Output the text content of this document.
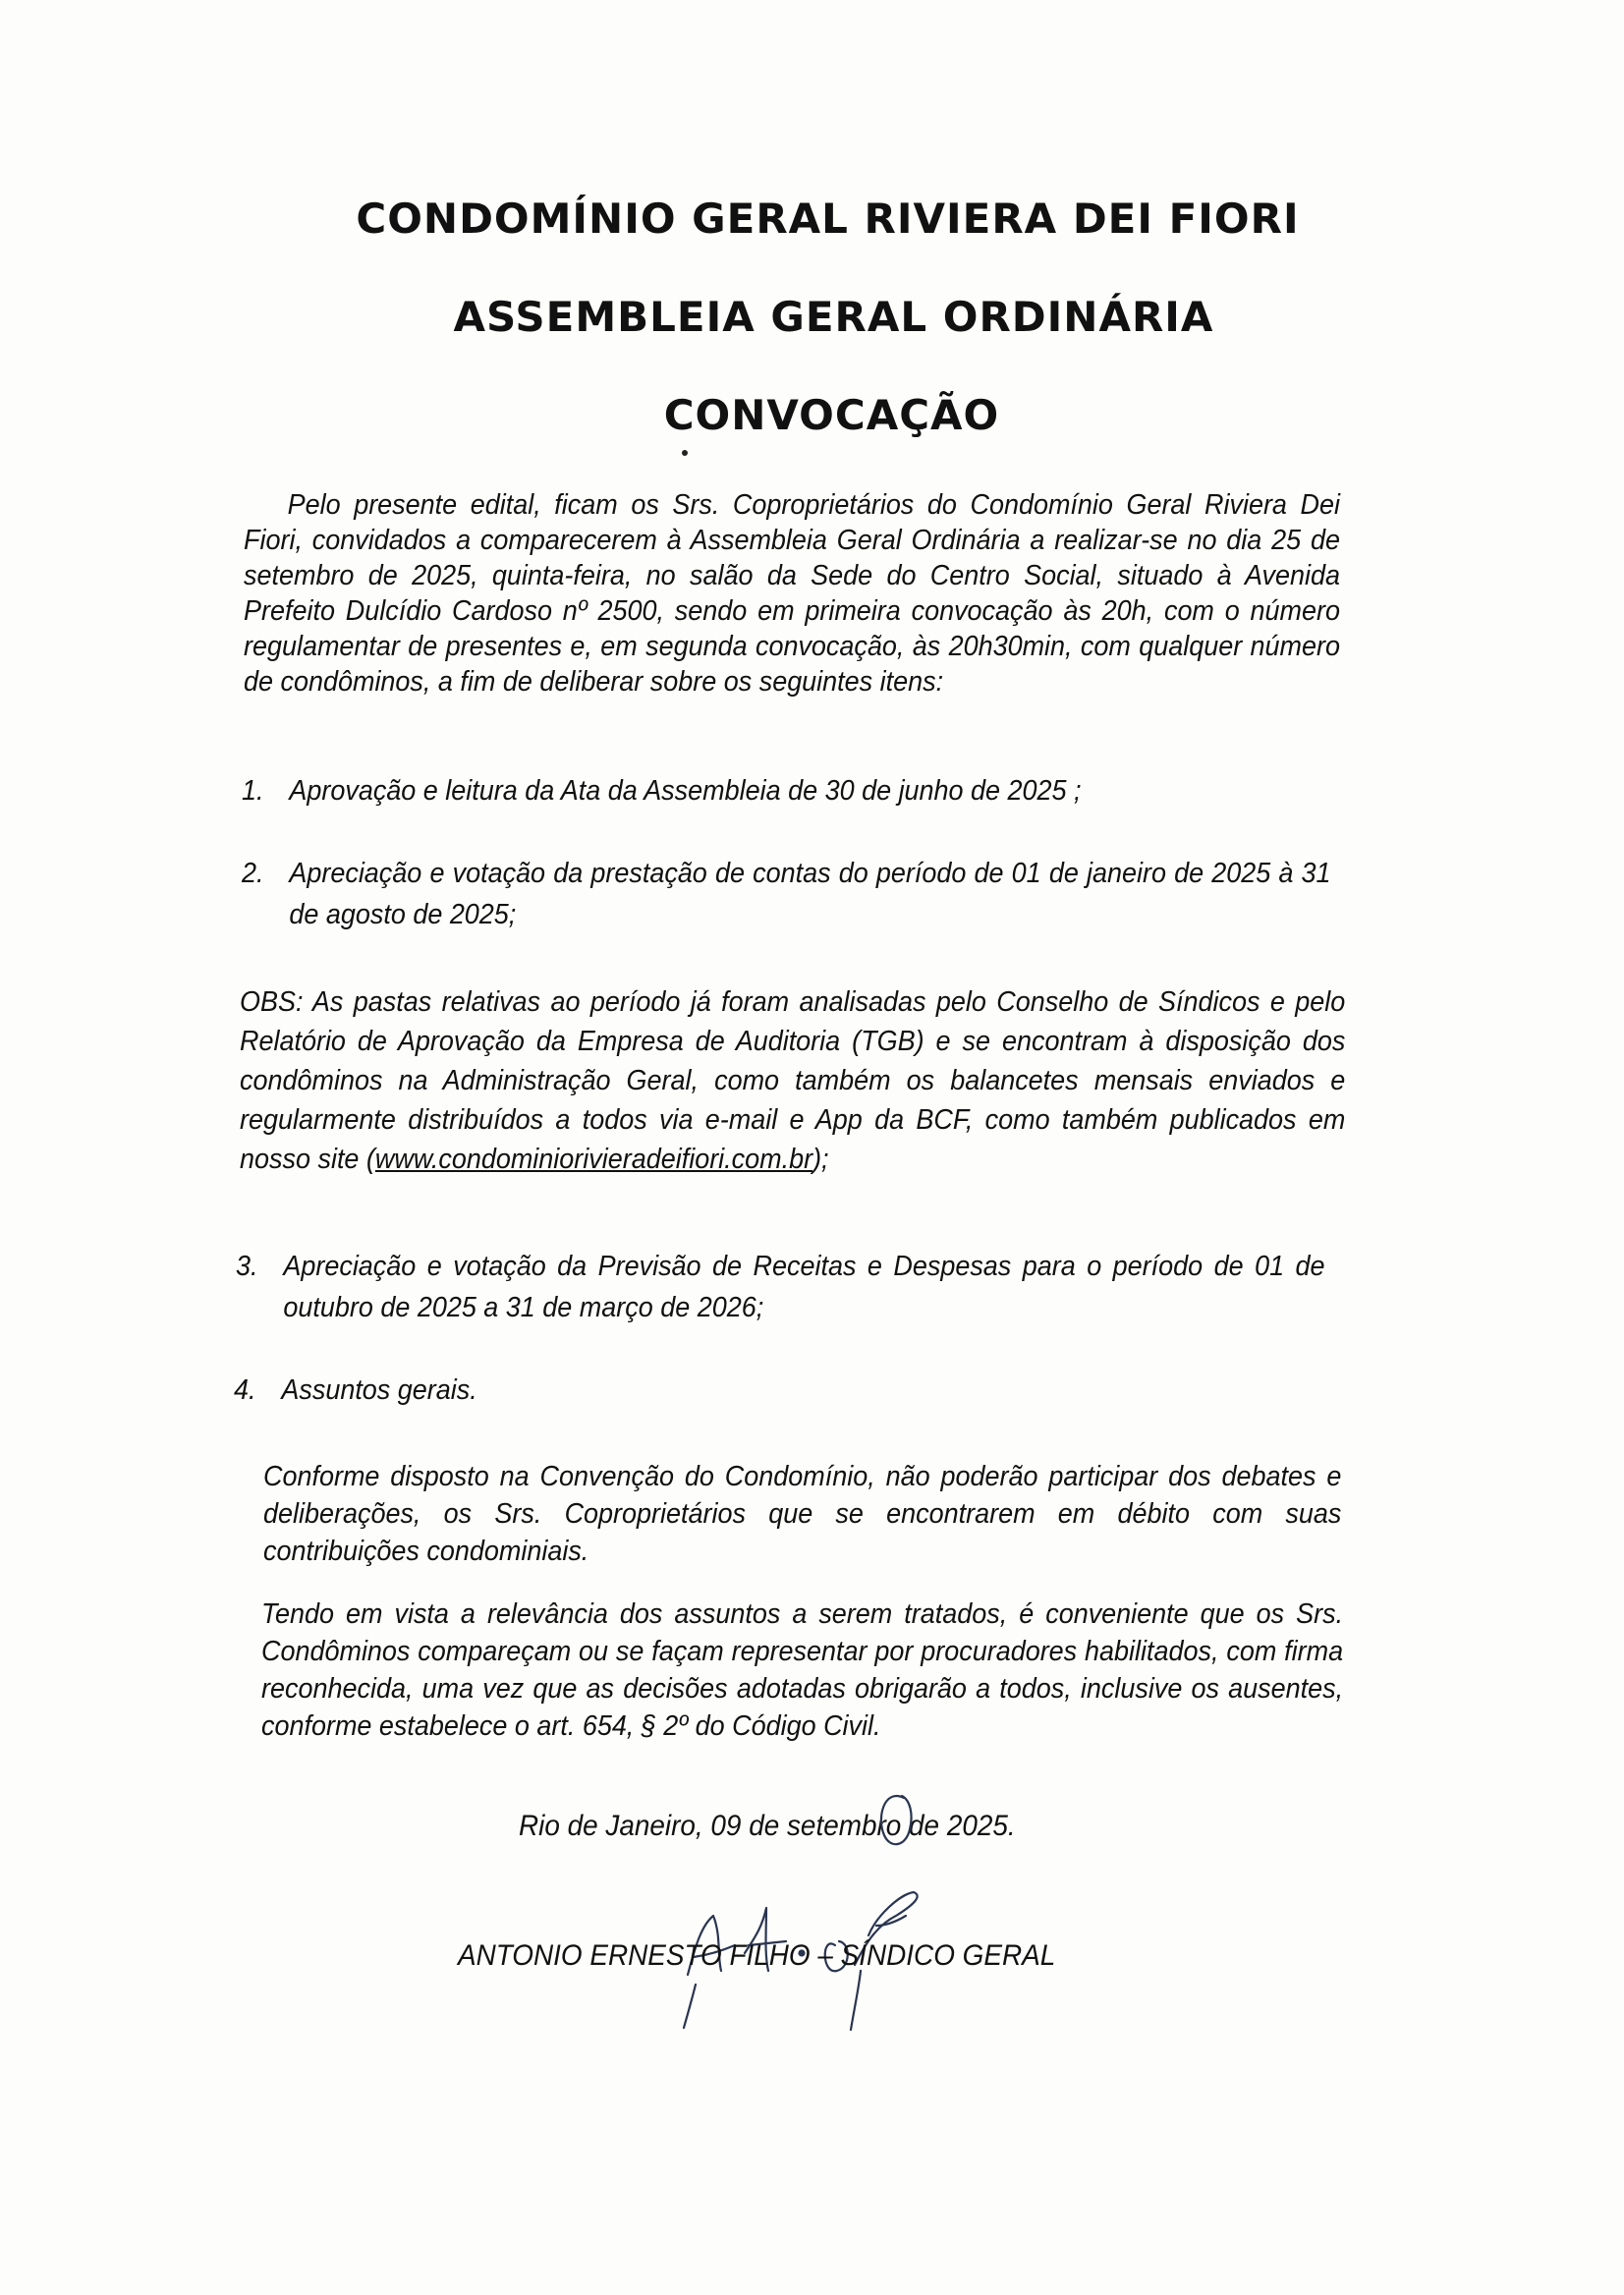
CONDOMÍNIO GERAL RIVIERA DEI FIORI
ASSEMBLEIA GERAL ORDINÁRIA
CONVOCAÇÃO

Pelo presente edital, ficam os Srs. Coproprietários do Condomínio Geral Riviera Dei Fiori, convidados a comparecerem à Assembleia Geral Ordinária a realizar-se no dia 25 de setembro de 2025, quinta-feira, no salão da Sede do Centro Social, situado à Avenida Prefeito Dulcídio Cardoso nº 2500, sendo em primeira convocação às 20h, com o número regulamentar de presentes e, em segunda convocação, às 20h30min, com qualquer número de condôminos, a fim de deliberar sobre os seguintes itens:

1. Aprovação e leitura da Ata da Assembleia de 30 de junho de 2025 ;
2. Apreciação e votação da prestação de contas do período de 01 de janeiro de 2025 à 31 de agosto de 2025;

OBS: As pastas relativas ao período já foram analisadas pelo Conselho de Síndicos e pelo Relatório de Aprovação da Empresa de Auditoria (TGB) e se encontram à disposição dos condôminos na Administração Geral, como também os balancetes mensais enviados e regularmente distribuídos a todos via e-mail e App da BCF, como também publicados em nosso site (www.condominiorivieradeifiori.com.br);

3. Apreciação e votação da Previsão de Receitas e Despesas para o período de 01 de outubro de 2025 a 31 de março de 2026;
4. Assuntos gerais.

Conforme disposto na Convenção do Condomínio, não poderão participar dos debates e deliberações, os Srs. Coproprietários que se encontrarem em débito com suas contribuições condominiais.

Tendo em vista a relevância dos assuntos a serem tratados, é conveniente que os Srs. Condôminos compareçam ou se façam representar por procuradores habilitados, com firma reconhecida, uma vez que as decisões adotadas obrigarão a todos, inclusive os ausentes, conforme estabelece o art. 654, § 2º do Código Civil.

Rio de Janeiro, 09 de setembro de 2025.

ANTONIO ERNESTO FILHO – SÍNDICO GERAL
